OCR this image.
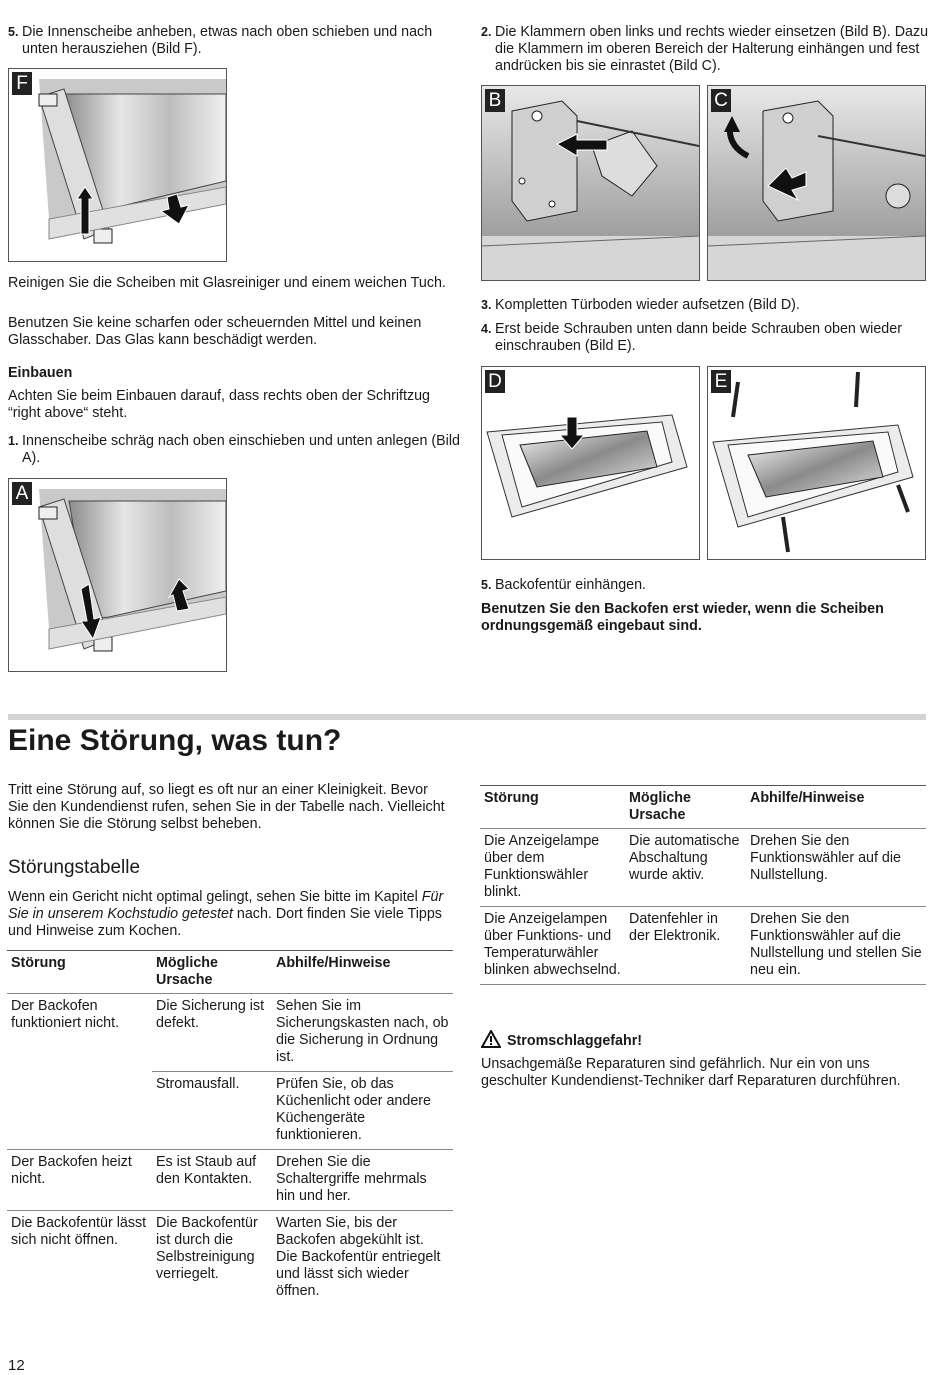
5. Die Innenscheibe anheben, etwas nach oben schieben und nach unten herausziehen (Bild F).

F

Reinigen Sie die Scheiben mit Glasreiniger und einem weichen Tuch.

Benutzen Sie keine scharfen oder scheuernden Mittel und keinen Glasschaber. Das Glas kann beschädigt werden.

Einbauen

Achten Sie beim Einbauen darauf, dass rechts oben der Schriftzug “right above“ steht.

1. Innenscheibe schräg nach oben einschieben und unten anlegen (Bild A).

A
2. Die Klammern oben links und rechts wieder einsetzen (Bild B). Dazu die Klammern im oberen Bereich der Halterung einhängen und fest andrücken bis sie einrastet (Bild C).

B	C
3. Kompletten Türboden wieder aufsetzen (Bild D).

4. Erst beide Schrauben unten dann beide Schrauben oben wieder einschrauben (Bild E).

D	E
5. Backofentür einhängen.

Benutzen Sie den Backofen erst wieder, wenn die Scheiben ordnungsgemäß eingebaut sind.

Eine Störung, was tun?

Tritt eine Störung auf, so liegt es oft nur an einer Kleinigkeit. Bevor Sie den Kundendienst rufen, sehen Sie in der Tabelle nach. Vielleicht können Sie die Störung selbst beheben.

Störungstabelle

Wenn ein Gericht nicht optimal gelingt, sehen Sie bitte im Kapitel Für Sie in unserem Kochstudio getestet nach. Dort finden Sie viele Tipps und Hinweise zum Kochen.

Störung	Mögliche Ursache	Abhilfe/Hinweise
Der Backofen funktioniert nicht.	Die Sicherung ist defekt.	Sehen Sie im Sicherungskasten nach, ob die Sicherung in Ordnung ist.
	Stromausfall.	Prüfen Sie, ob das Küchenlicht oder andere Küchengeräte funktionieren.
Der Backofen heizt nicht.	Es ist Staub auf den Kontakten.	Drehen Sie die Schaltergriffe mehrmals hin und her.
Die Backofentür lässt sich nicht öffnen.	Die Backofentür ist durch die Selbstreinigung verriegelt.	Warten Sie, bis der Backofen abgekühlt ist. Die Backofentür entriegelt und lässt sich wieder öffnen.
Störung	Mögliche Ursache	Abhilfe/Hinweise
Die Anzeigelampe über dem Funktionswähler blinkt.	Die automatische Abschaltung wurde aktiv.	Drehen Sie den Funktionswähler auf die Nullstellung.
Die Anzeigelampen über Funktions- und Temperaturwähler blinken abwechselnd.	Datenfehler in der Elektronik.	Drehen Sie den Funktionswähler auf die Nullstellung und stellen Sie neu ein.
Stromschlaggefahr!

Unsachgemäße Reparaturen sind gefährlich. Nur ein von uns geschulter Kundendienst-Techniker darf Reparaturen durchführen.

12
